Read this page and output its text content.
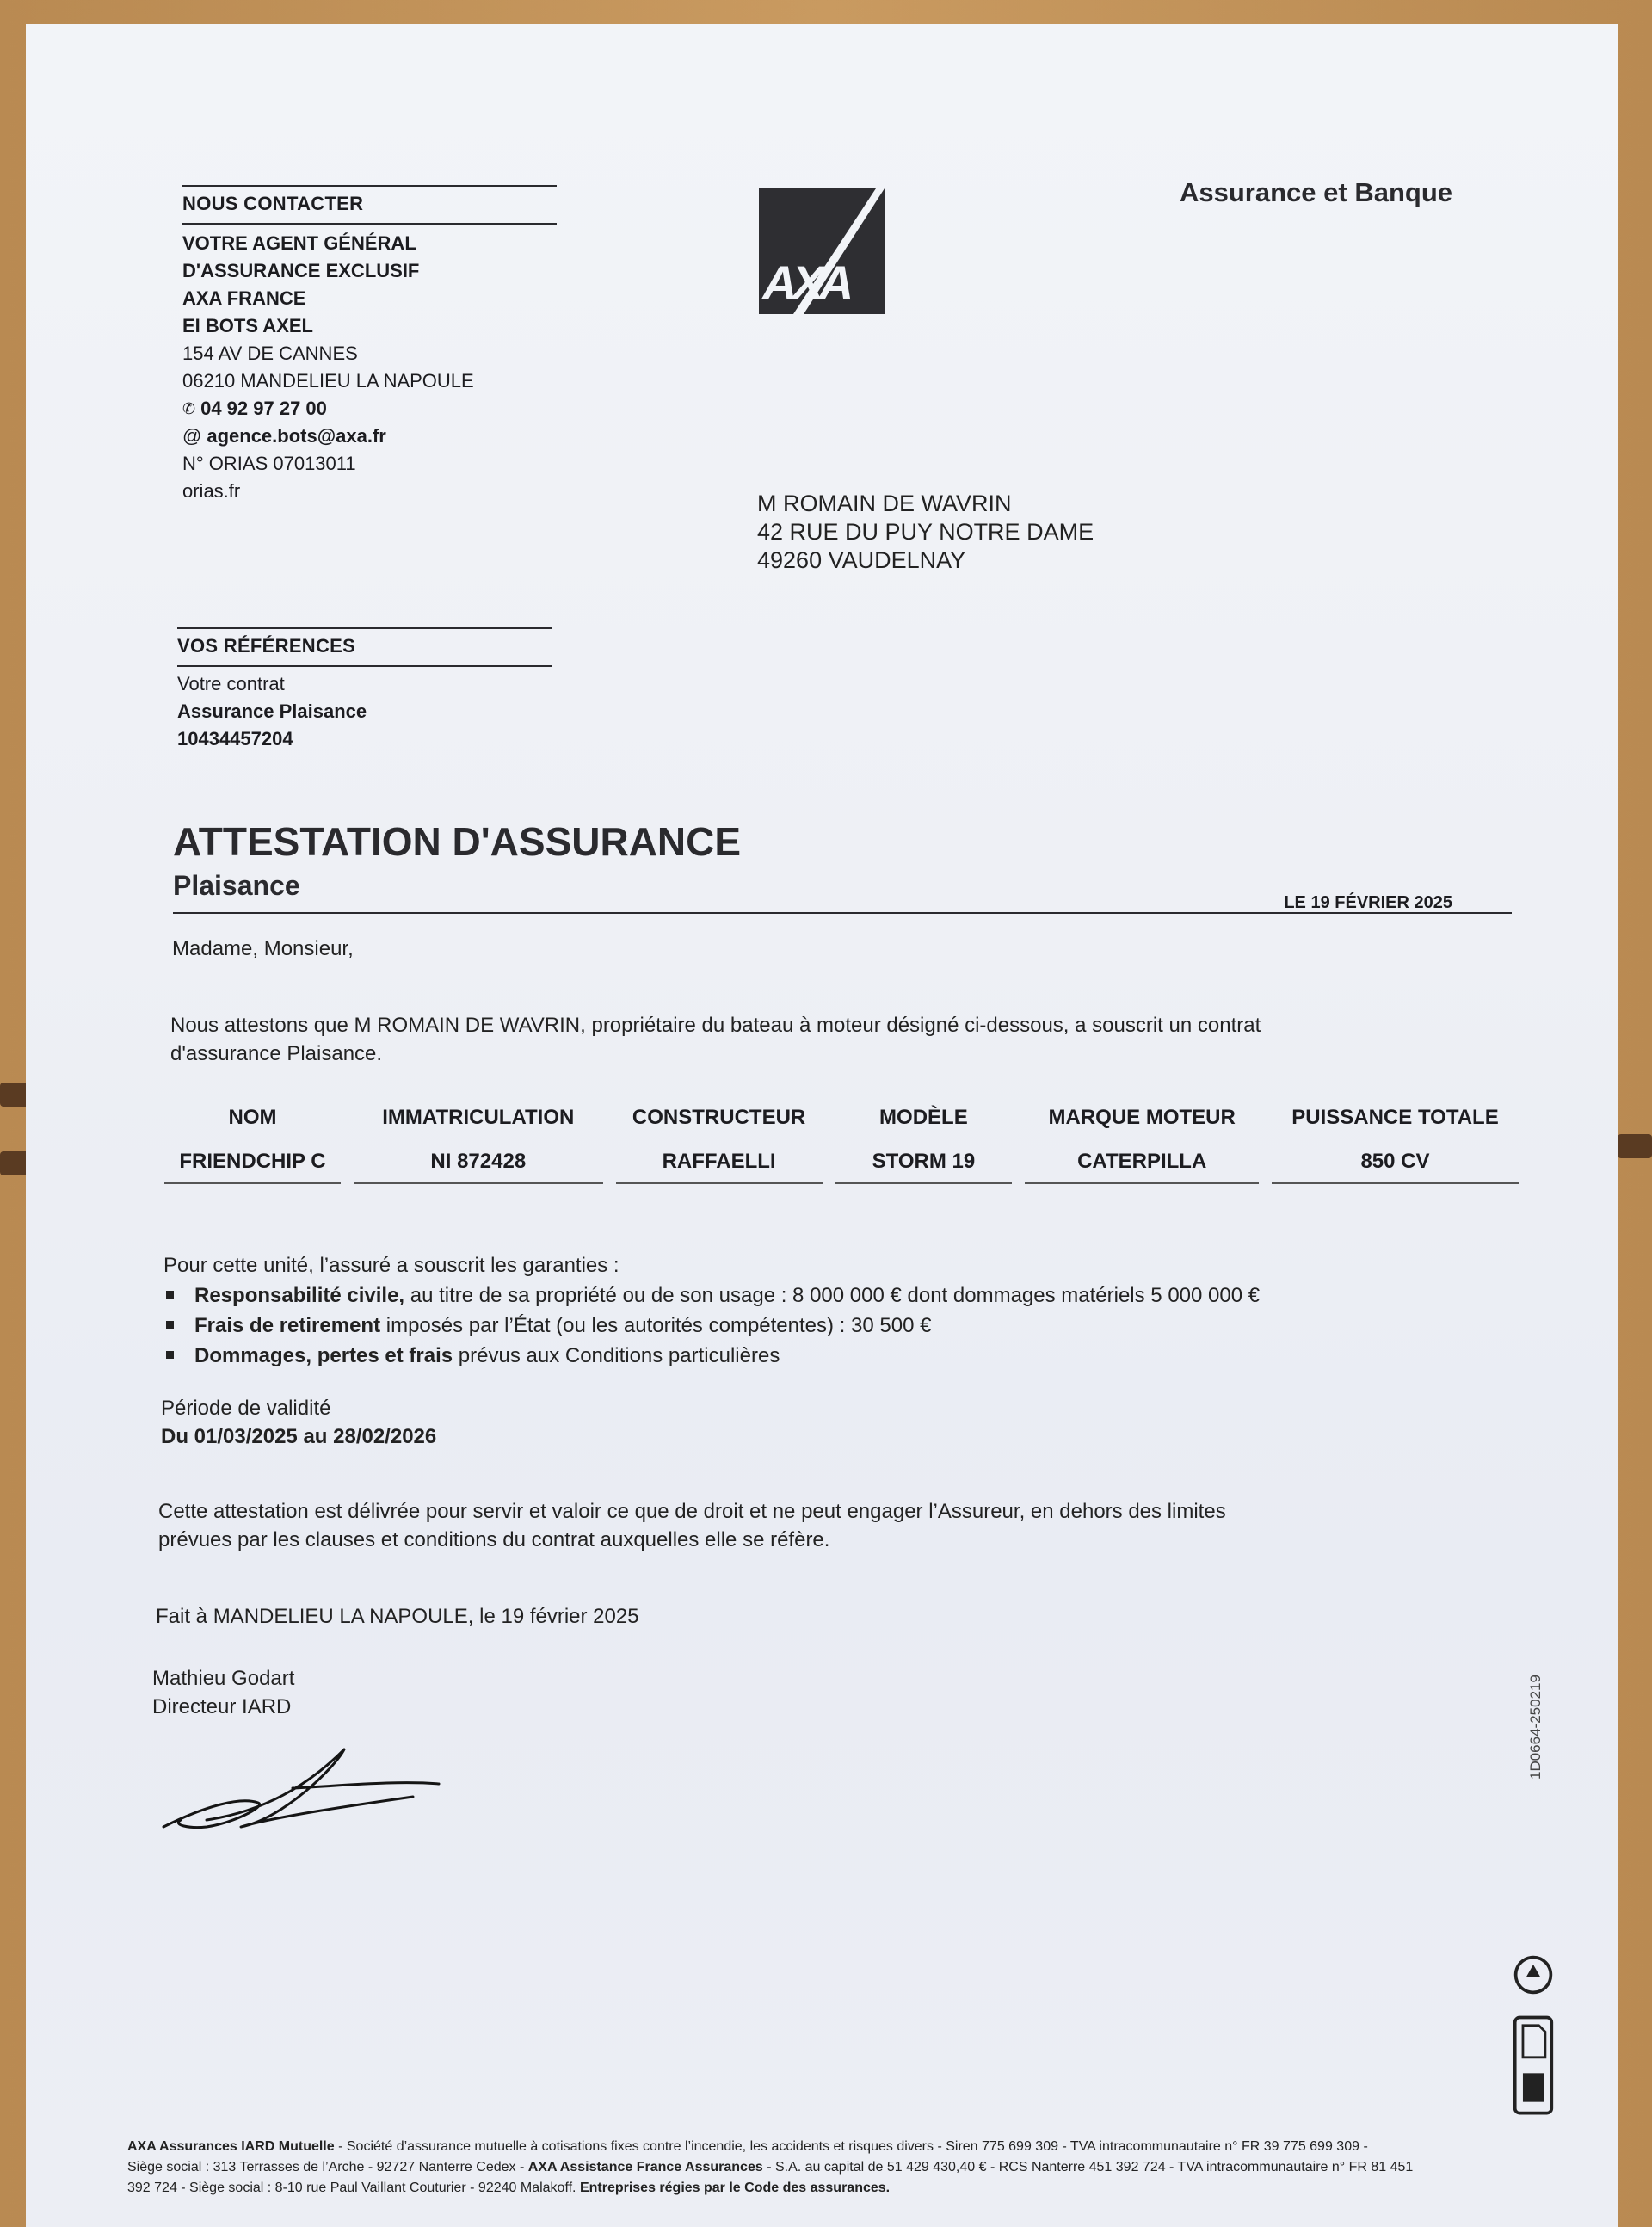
NOUS CONTACTER
VOTRE AGENT GÉNÉRAL
D'ASSURANCE EXCLUSIF
AXA FRANCE
EI BOTS AXEL
154 AV DE CANNES
06210 MANDELIEU LA NAPOULE
✆ 04 92 97 27 00
@ agence.bots@axa.fr
N° ORIAS 07013011
orias.fr
AXA
Assurance et Banque
M ROMAIN DE WAVRIN
42 RUE DU PUY NOTRE DAME
49260 VAUDELNAY
VOS RÉFÉRENCES
Votre contrat
Assurance Plaisance
10434457204
ATTESTATION D'ASSURANCE
Plaisance
LE 19 FÉVRIER 2025
Madame, Monsieur,
Nous attestons que M ROMAIN DE WAVRIN, propriétaire du bateau à moteur désigné ci-dessous, a souscrit un contrat
d'assurance Plaisance.
NOM	IMMATRICULATION	CONSTRUCTEUR	MODÈLE	MARQUE MOTEUR	PUISSANCE TOTALE
FRIENDCHIP C	NI 872428	RAFFAELLI	STORM 19	CATERPILLA	850 CV
Pour cette unité, l’assuré a souscrit les garanties :
Responsabilité civile, au titre de sa propriété ou de son usage : 8 000 000 € dont dommages matériels 5 000 000 €
Frais de retirement imposés par l’État (ou les autorités compétentes) : 30 500 €
Dommages, pertes et frais prévus aux Conditions particulières
Période de validité
Du 01/03/2025 au 28/02/2026
Cette attestation est délivrée pour servir et valoir ce que de droit et ne peut engager l’Assureur, en dehors des limites
prévues par les clauses et conditions du contrat auxquelles elle se réfère.
Fait à MANDELIEU LA NAPOULE, le 19 février 2025
Mathieu Godart
Directeur IARD	1D0664-250219
AXA Assurances IARD Mutuelle - Société d’assurance mutuelle à cotisations fixes contre l’incendie, les accidents et risques divers - Siren 775 699 309 - TVA intracommunautaire n° FR 39 775 699 309 -
Siège social : 313 Terrasses de l’Arche - 92727 Nanterre Cedex - AXA Assistance France Assurances - S.A. au capital de 51 429 430,40 € - RCS Nanterre 451 392 724 - TVA intracommunautaire n° FR 81 451
392 724 - Siège social : 8-10 rue Paul Vaillant Couturier - 92240 Malakoff. Entreprises régies par le Code des assurances.
